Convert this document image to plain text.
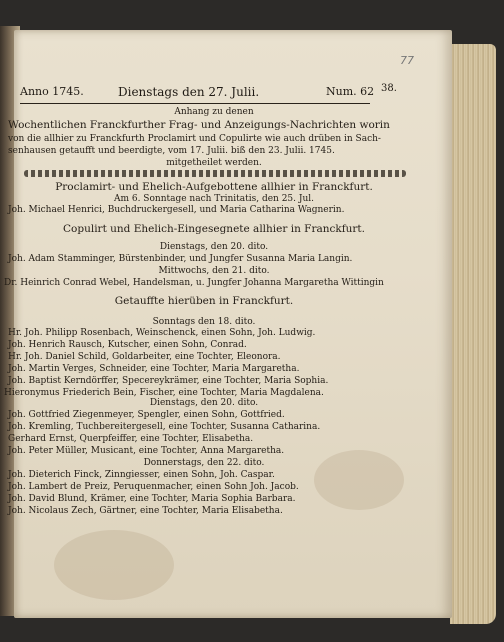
Anno 1745.	Dienstags den 27. Julii.	Num. 62 38.
Anhang zu denen
Wochentlichen Franckfurther Frag- und Anzeigungs-Nachrichten worin
von die allhier zu Franckfurth Proclamirt und Copulirte wie auch drüben in Sach-
senhausen getaufft und beerdigte, vom 17. Julii. biß den 23. Julii. 1745.
mitgetheilet werden.
Proclamirt- und Ehelich-Aufgebottene allhier in Franckfurt.
Am 6. Sonntage nach Trinitatis, den 25. Jul.
Joh. Michael Henrici, Buchdruckergesell, und Maria Catharina Wagnerin.
Copulirt und Ehelich-Eingesegnete allhier in Franckfurt.
Dienstags, den 20. dito.
Joh. Adam Stamminger, Bürstenbinder, und Jungfer Susanna Maria Langin.
Mittwochs, den 21. dito.
Dr. Heinrich Conrad Webel, Handelsman, u. Jungfer Johanna Margaretha Wittingin
Getauffte hierüben in Franckfurt.
Sonntags den 18. dito.
Hr. Joh. Philipp Rosenbach, Weinschenck, einen Sohn, Joh. Ludwig.
Joh. Henrich Rausch, Kutscher, einen Sohn, Conrad.
Hr. Joh. Daniel Schild, Goldarbeiter, eine Tochter, Eleonora.
Joh. Martin Verges, Schneider, eine Tochter, Maria Margaretha.
Joh. Baptist Kerndörffer, Specereykrämer, eine Tochter, Maria Sophia.
Hieronymus Friederich Bein, Fischer, eine Tochter, Maria Magdalena.
Dienstags, den 20. dito.
Joh. Gottfried Ziegenmeyer, Spengler, einen Sohn, Gottfried.
Joh. Kremling, Tuchbereitergesell, eine Tochter, Susanna Catharina.
Gerhard Ernst, Querpfeiffer, eine Tochter, Elisabetha.
Joh. Peter Müller, Musicant, eine Tochter, Anna Margaretha.
Donnerstags, den 22. dito.
Joh. Dieterich Finck, Zinngiesser, einen Sohn, Joh. Caspar.
Joh. Lambert de Preiz, Peruquenmacher, einen Sohn Joh. Jacob.
Joh. David Blund, Krämer, eine Tochter, Maria Sophia Barbara.
Joh. Nicolaus Zech, Gärtner, eine Tochter, Maria Elisabetha.
77
